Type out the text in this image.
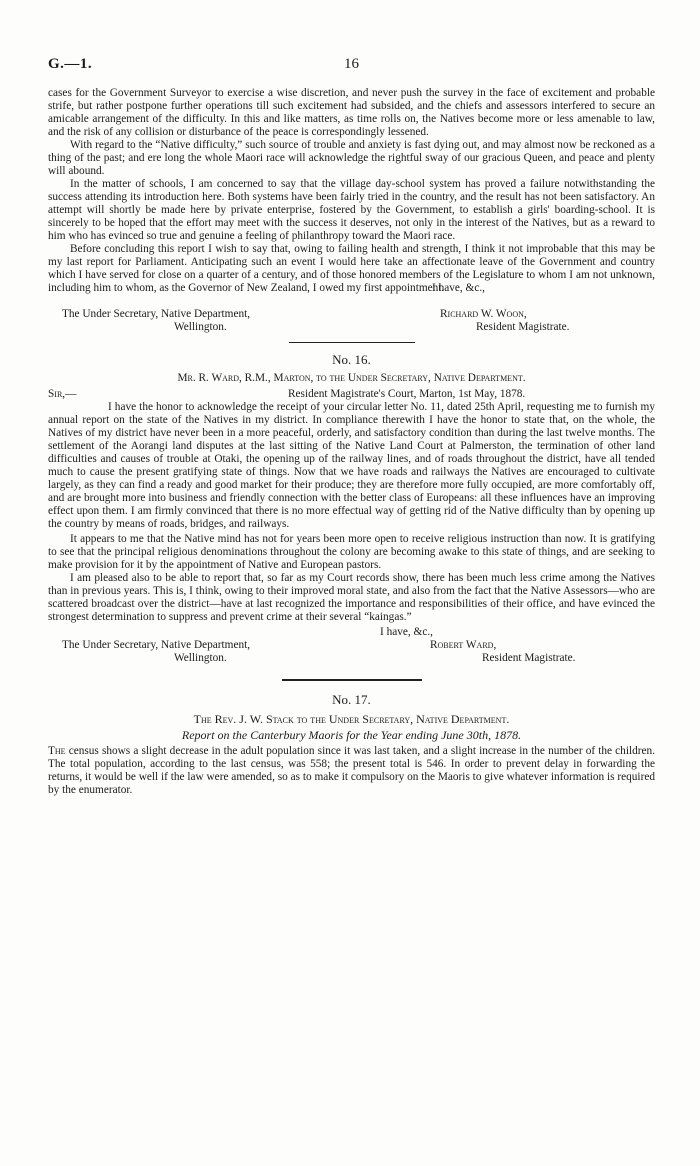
G.—1.	16

cases for the Government Surveyor to exercise a wise discretion, and never push the survey in the face of excitement and probable strife, but rather postpone further operations till such excitement had subsided, and the chiefs and assessors interfered to secure an amicable arrangement of the difficulty. In this and like matters, as time rolls on, the Natives become more or less amenable to law, and the risk of any collision or disturbance of the peace is correspondingly lessened.

With regard to the “Native difficulty,” such source of trouble and anxiety is fast dying out, and may almost now be reckoned as a thing of the past; and ere long the whole Maori race will acknowledge the rightful sway of our gracious Queen, and peace and plenty will abound.

In the matter of schools, I am concerned to say that the village day-school system has proved a failure notwithstanding the success attending its introduction here. Both systems have been fairly tried in the country, and the result has not been satisfactory. An attempt will shortly be made here by private enterprise, fostered by the Government, to establish a girls' boarding-school. It is sincerely to be hoped that the effort may meet with the success it deserves, not only in the interest of the Natives, but as a reward to him who has evinced so true and genuine a feeling of philanthropy toward the Maori race.

Before concluding this report I wish to say that, owing to failing health and strength, I think it not improbable that this may be my last report for Parliament. Anticipating such an event I would here take an affectionate leave of the Government and country which I have served for close on a quarter of a century, and of those honored members of the Legislature to whom I am not unknown, including him to whom, as the Governor of New Zealand, I owed my first appointment.

I have, &c.,
The Under Secretary, Native Department,	Richard W. Woon,
Wellington.	Resident Magistrate.
No. 16.
Mr. R. Ward, R.M., Marton, to the Under Secretary, Native Department.
Sir,—	Resident Magistrate's Court, Marton, 1st May, 1878.

I have the honor to acknowledge the receipt of your circular letter No. 11, dated 25th April, requesting me to furnish my annual report on the state of the Natives in my district. In compliance therewith I have the honor to state that, on the whole, the Natives of my district have never been in a more peaceful, orderly, and satisfactory condition than during the last twelve months. The settlement of the Aorangi land disputes at the last sitting of the Native Land Court at Palmerston, the termination of other land difficulties and causes of trouble at Otaki, the opening up of the railway lines, and of roads throughout the district, have all tended much to cause the present gratifying state of things. Now that we have roads and railways the Natives are encouraged to cultivate largely, as they can find a ready and good market for their produce; they are therefore more fully occupied, are more comfortably off, and are brought more into business and friendly connection with the better class of Europeans: all these influences have an improving effect upon them. I am firmly convinced that there is no more effectual way of getting rid of the Native difficulty than by opening up the country by means of roads, bridges, and railways.

It appears to me that the Native mind has not for years been more open to receive religious instruction than now. It is gratifying to see that the principal religious denominations throughout the colony are becoming awake to this state of things, and are seeking to make provision for it by the appointment of Native and European pastors.

I am pleased also to be able to report that, so far as my Court records show, there has been much less crime among the Natives than in previous years. This is, I think, owing to their improved moral state, and also from the fact that the Native Assessors—who are scattered broadcast over the district—have at last recognized the importance and responsibilities of their office, and have evinced the strongest determination to suppress and prevent crime at their several “kaingas.”

I have, &c.,
The Under Secretary, Native Department,	Robert Ward,
Wellington.	Resident Magistrate.
No. 17.
The Rev. J. W. Stack to the Under Secretary, Native Department.
Report on the Canterbury Maoris for the Year ending June 30th, 1878.

The census shows a slight decrease in the adult population since it was last taken, and a slight increase in the number of the children. The total population, according to the last census, was 558; the present total is 546. In order to prevent delay in forwarding the returns, it would be well if the law were amended, so as to make it compulsory on the Maoris to give whatever information is required by the enumerator.
